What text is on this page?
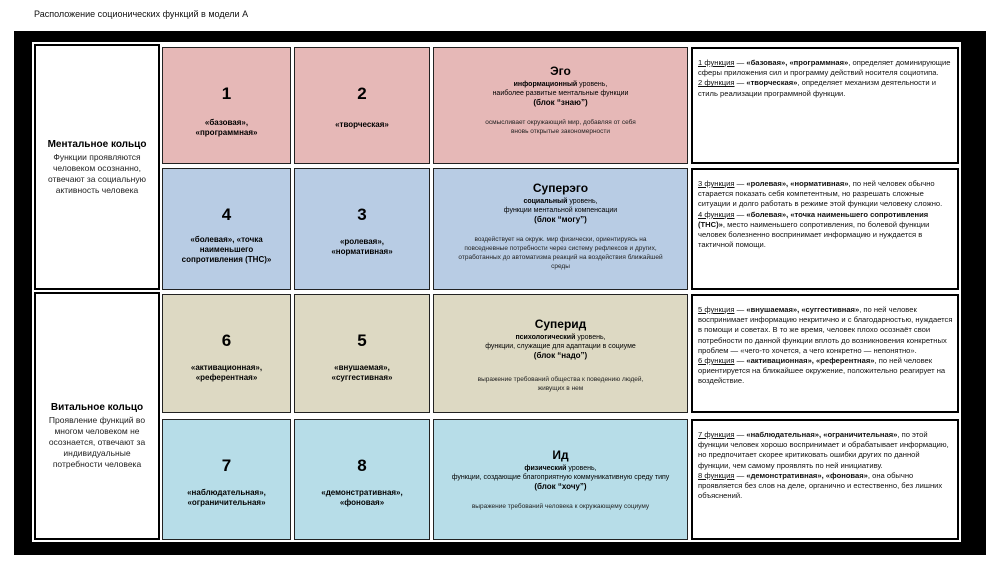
Расположение соционических функций в модели А
Ментальное кольцо
Функции проявляются человеком осознанно, отвечают за социальную активность человека
Витальное кольцо
Проявление функций во многом человеком не осознается, отвечают за индивидуальные потребности человека
1
«базовая», «программная»
2
«творческая»
Эго
информационный уровень,
наиболее развитые ментальные функции
(блок “знаю”)
осмысливает окружающий мир, добавляя от себя вновь открытые закономерности

1 функция — «базовая», «программная», определяет доминирующие сферы приложения сил и программу действий носителя социотипа.

2 функция — «творческая», определяет механизм деятельности и стиль реализации программной функции.

4
«болевая», «точка наименьшего сопротивления (ТНС)»
3
«ролевая», «нормативная»
Суперэго
социальный уровень,
функции ментальной компенсации
(блок “могу”)
воздействует на окруж. мир физически, ориентируясь на повседневные потребности через систему рефлексов и других, отработанных до автоматизма реакций на воздействия ближайшей среды

3 функция — «ролевая», «нормативная», по ней человек обычно старается показать себя компетентным, но разрешать сложные ситуации и долго работать в режиме этой функции человеку сложно.

4 функция — «болевая», «точка наименьшего сопротивления (ТНС)», место наименьшего сопротивления, по болевой функции человек болезненно воспринимает информацию и нуждается в тактичной помощи.

6
«активационная», «референтная»
5
«внушаемая», «суггестивная»
Суперид
психологический уровень,
функции, служащие для адаптации в социуме
(блок “надо”)
выражение требований общества к поведению людей, живущих в нем

5 функция — «внушаемая», «суггестивная», по ней человек воспринимает информацию некритично и с благодарностью, нуждается в помощи и советах. В то же время, человек плохо осознаёт свои потребности по данной функции вплоть до возникновения конкретных проблем — «чего-то хочется, а чего конкретно — непонятно».

6 функция — «активационная», «референтная», по ней человек ориентируется на ближайшее окружение, положительно реагирует на воздействие.

7
«наблюдательная», «ограничительная»
8
«демонстративная», «фоновая»
Ид
физический уровень,
функции, создающие благоприятную коммуникативную среду типу
(блок “хочу”)
выражение требований человека к окружающему социуму

7 функция — «наблюдательная», «ограничительная», по этой функции человек хорошо воспринимает и обрабатывает информацию, но предпочитает скорее критиковать ошибки других по данной функции, чем самому проявлять по ней инициативу.

8 функция — «демонстративная», «фоновая», она обычно проявляется без слов на деле, органично и естественно, без лишних объяснений.
